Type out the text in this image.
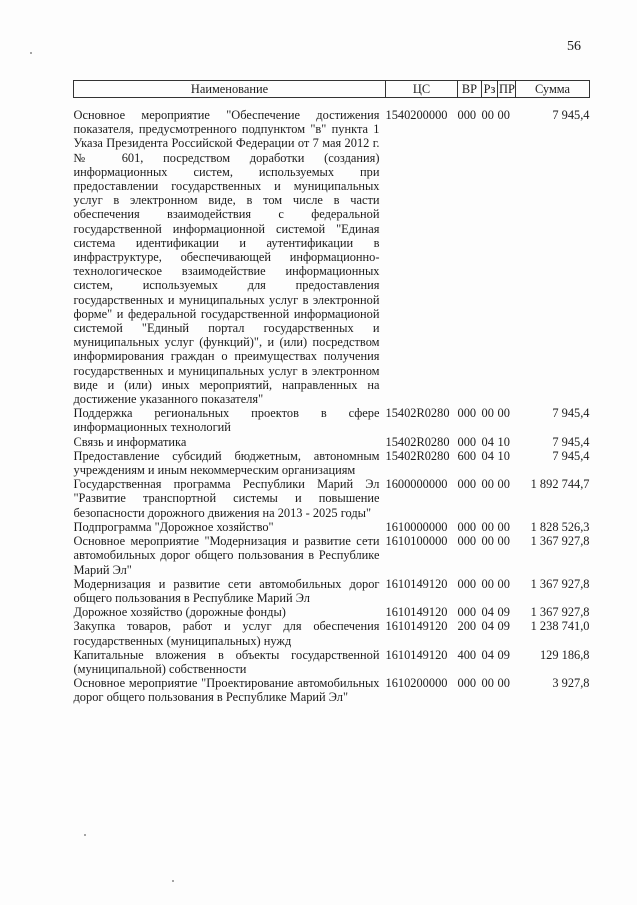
56
Наименование	ЦС	ВР	Рз	ПР	Сумма
Основное мероприятие "Обеспечение достижения показателя, предусмотренного подпунктом "в" пункта 1 Указа Президента Российской Федерации от 7 мая 2012 г. № 601, посредством доработки (создания) информационных систем, используемых при предоставлении государственных и муниципальных услуг в электронном виде, в том числе в части обеспечения взаимодействия с федеральной государственной информационной системой "Единая система идентификации и аутентификации в инфраструктуре, обеспечивающей информационно-технологическое взаимодействие информационных систем, используемых для предоставления государственных и муниципальных услуг в электронной форме" и федеральной государственной информационой системой "Единый портал государственных и муниципальных услуг (функций)", и (или) посредством информирования граждан о преимуществах получения государственных и муниципальных услуг в электронном виде и (или) иных мероприятий, направленных на достижение указанного показателя"	1540200000	000	00	00	7 945,4
Поддержка региональных проектов в сфере информационных технологий	15402R0280	000	00	00	7 945,4
Связь и информатика	15402R0280	000	04	10	7 945,4
Предоставление субсидий бюджетным, автономным учреждениям и иным некоммерческим организациям	15402R0280	600	04	10	7 945,4
Государственная программа Республики Марий Эл "Развитие транспортной системы и повышение безопасности дорожного движения на 2013 - 2025 годы"	1600000000	000	00	00	1 892 744,7
Подпрограмма "Дорожное хозяйство"	1610000000	000	00	00	1 828 526,3
Основное мероприятие "Модернизация и развитие сети автомобильных дорог общего пользования в Республике Марий Эл"	1610100000	000	00	00	1 367 927,8
Модернизация и развитие сети автомобильных дорог общего пользования в Республике Марий Эл	1610149120	000	00	00	1 367 927,8
Дорожное хозяйство (дорожные фонды)	1610149120	000	04	09	1 367 927,8
Закупка товаров, работ и услуг для обеспечения государственных (муниципальных) нужд	1610149120	200	04	09	1 238 741,0
Капитальные вложения в объекты государственной (муниципальной) собственности	1610149120	400	04	09	129 186,8
Основное мероприятие "Проектирование автомобильных дорог общего пользования в Республике Марий Эл"	1610200000	000	00	00	3 927,8
